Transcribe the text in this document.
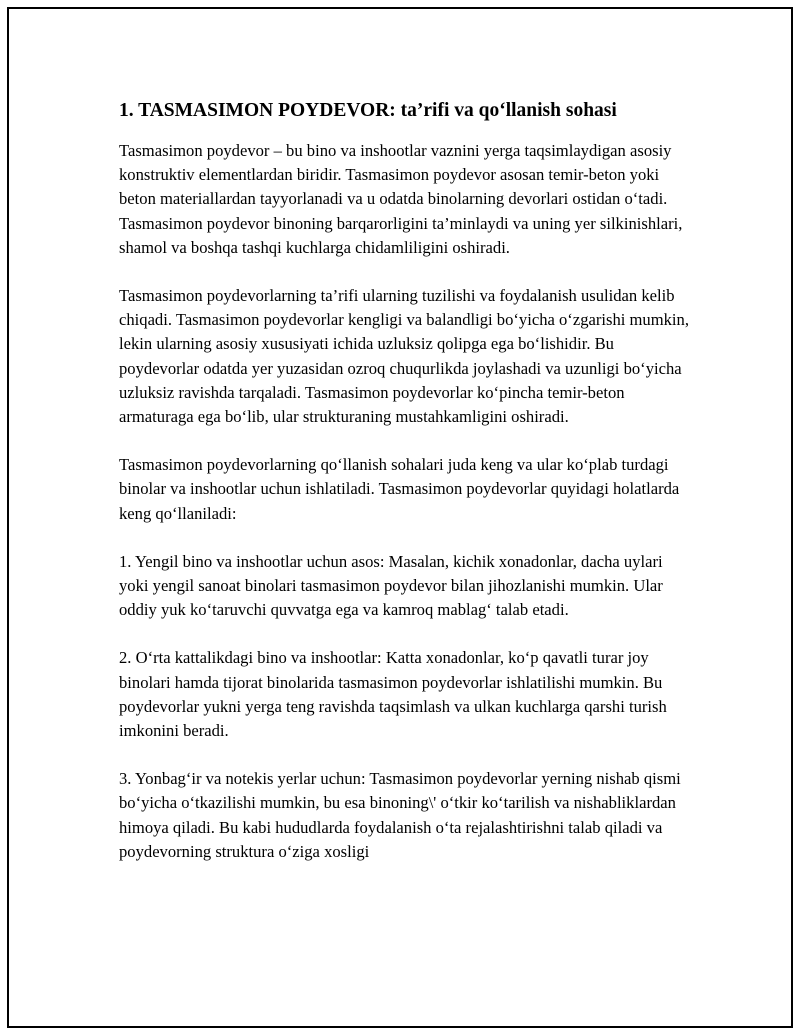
1. TASMASIMON POYDEVOR: ta’rifi va qo‘llanish sohasi

Tasmasimon poydevor – bu bino va inshootlar vaznini yerga taqsimlaydigan asosiy konstruktiv elementlardan biridir. Tasmasimon poydevor asosan temir-beton yoki beton materiallardan tayyorlanadi va u odatda binolarning devorlari ostidan o‘tadi. Tasmasimon poydevor binoning barqarorligini ta’minlaydi va uning yer silkinishlari, shamol va boshqa tashqi kuchlarga chidamliligini oshiradi.

Tasmasimon poydevorlarning ta’rifi ularning tuzilishi va foydalanish usulidan kelib chiqadi. Tasmasimon poydevorlar kengligi va balandligi bo‘yicha o‘zgarishi mumkin, lekin ularning asosiy xususiyati ichida uzluksiz qolipga ega bo‘lishidir. Bu poydevorlar odatda yer yuzasidan ozroq chuqurlikda joylashadi va uzunligi bo‘yicha uzluksiz ravishda tarqaladi. Tasmasimon poydevorlar ko‘pincha temir-beton armaturaga ega bo‘lib, ular strukturaning mustahkamligini oshiradi.

Tasmasimon poydevorlarning qo‘llanish sohalari juda keng va ular ko‘plab turdagi binolar va inshootlar uchun ishlatiladi. Tasmasimon poydevorlar quyidagi holatlarda keng qo‘llaniladi:

1. Yengil bino va inshootlar uchun asos: Masalan, kichik xonadonlar, dacha uylari yoki yengil sanoat binolari tasmasimon poydevor bilan jihozlanishi mumkin. Ular oddiy yuk ko‘taruvchi quvvatga ega va kamroq mablag‘ talab etadi.

2. O‘rta kattalikdagi bino va inshootlar: Katta xonadonlar, ko‘p qavatli turar joy binolari hamda tijorat binolarida tasmasimon poydevorlar ishlatilishi mumkin. Bu poydevorlar yukni yerga teng ravishda taqsimlash va ulkan kuchlarga qarshi turish imkonini beradi.

3. Yonbag‘ir va notekis yerlar uchun: Tasmasimon poydevorlar yerning nishab qismi bo‘yicha o‘tkazilishi mumkin, bu esa binoning\' o‘tkir ko‘tarilish va nishabliklardan himoya qiladi. Bu kabi hududlarda foydalanish o‘ta rejalashtirishni talab qiladi va poydevorning struktura o‘ziga xosligi
